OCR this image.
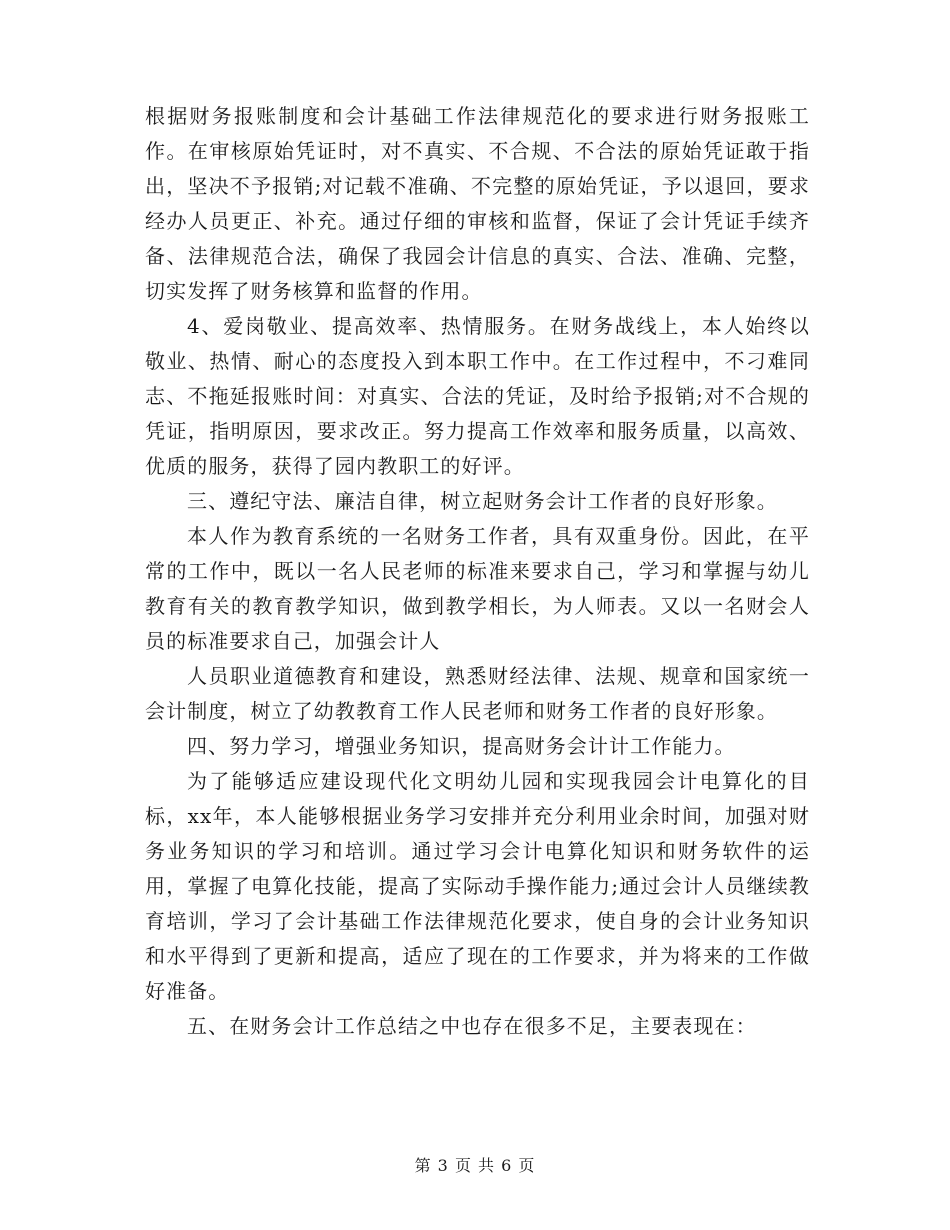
根据财务报账制度和会计基础工作法律规范化的要求进行财务报账工作。在审核原始凭证时，对不真实、不合规、不合法的原始凭证敢于指出，坚决不予报销;对记载不准确、不完整的原始凭证，予以退回，要求经办人员更正、补充。通过仔细的审核和监督，保证了会计凭证手续齐备、法律规范合法，确保了我园会计信息的真实、合法、准确、完整，切实发挥了财务核算和监督的作用。

4、爱岗敬业、提高效率、热情服务。在财务战线上，本人始终以敬业、热情、耐心的态度投入到本职工作中。在工作过程中，不刁难同志、不拖延报账时间：对真实、合法的凭证，及时给予报销;对不合规的凭证，指明原因，要求改正。努力提高工作效率和服务质量，以高效、优质的服务，获得了园内教职工的好评。

三、遵纪守法、廉洁自律，树立起财务会计工作者的良好形象。

本人作为教育系统的一名财务工作者，具有双重身份。因此，在平常的工作中，既以一名人民老师的标准来要求自己，学习和掌握与幼儿教育有关的教育教学知识，做到教学相长，为人师表。又以一名财会人员的标准要求自己，加强会计人

人员职业道德教育和建设，熟悉财经法律、法规、规章和国家统一会计制度，树立了幼教教育工作人民老师和财务工作者的良好形象。

四、努力学习，增强业务知识，提高财务会计计工作能力。

为了能够适应建设现代化文明幼儿园和实现我园会计电算化的目标，xx年，本人能够根据业务学习安排并充分利用业余时间，加强对财务业务知识的学习和培训。通过学习会计电算化知识和财务软件的运用，掌握了电算化技能，提高了实际动手操作能力;通过会计人员继续教育培训，学习了会计基础工作法律规范化要求，使自身的会计业务知识和水平得到了更新和提高，适应了现在的工作要求，并为将来的工作做好准备。

五、在财务会计工作总结之中也存在很多不足，主要表现在：

第 3 页 共 6 页
